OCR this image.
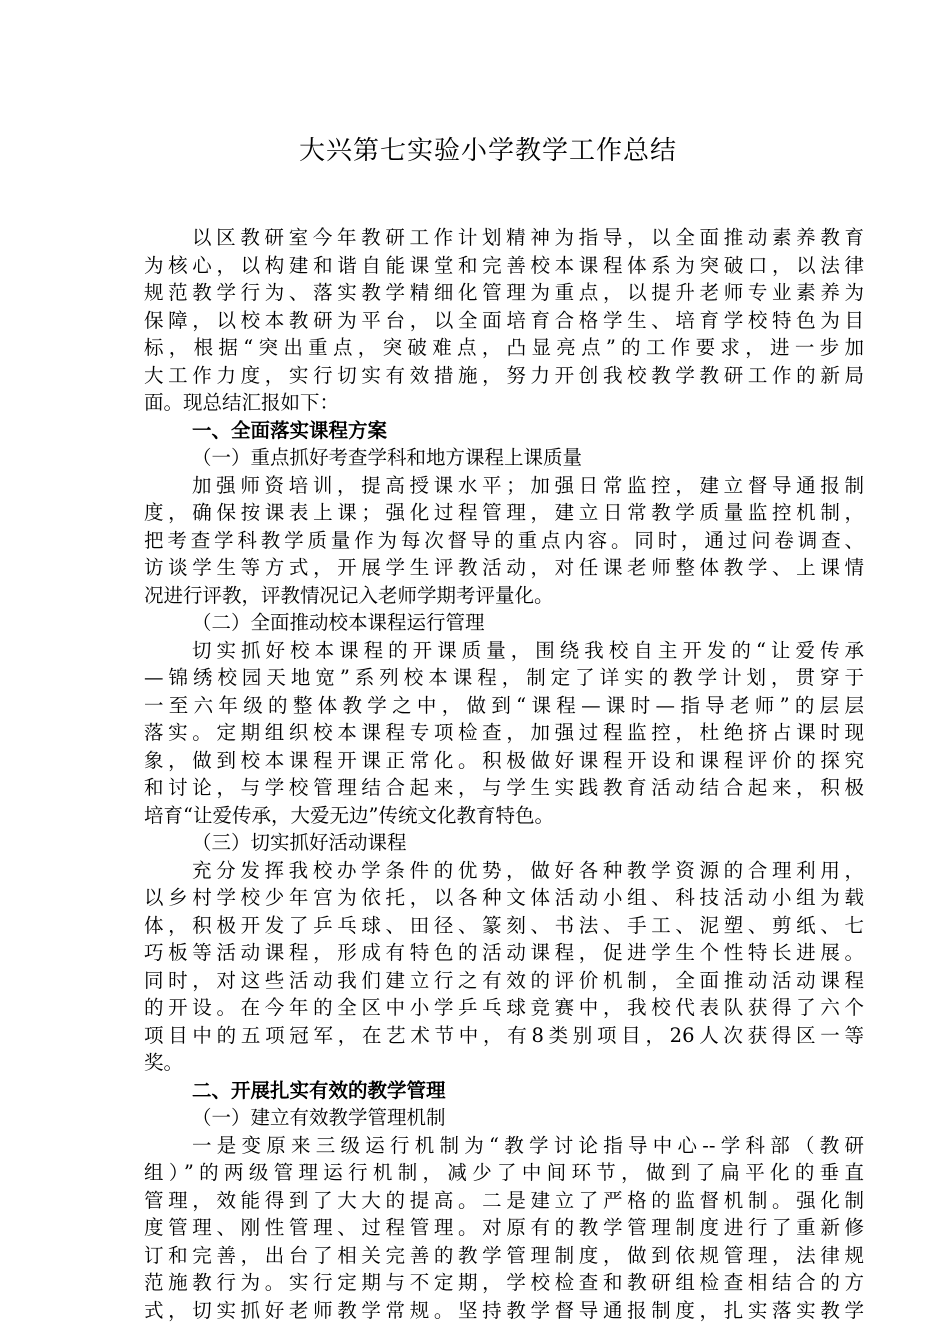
大兴第七实验小学教学工作总结
以区教研室今年教研工作计划精神为指导，以全面推动素养教育
为核心，以构建和谐自能课堂和完善校本课程体系为突破口，以法律
规范教学行为、落实教学精细化管理为重点，以提升老师专业素养为
保障，以校本教研为平台，以全面培育合格学生、培育学校特色为目
标，根据“突出重点，突破难点，凸显亮点”的工作要求，进一步加
大工作力度，实行切实有效措施，努力开创我校教学教研工作的新局
面。现总结汇报如下：
一、全面落实课程方案
（一）重点抓好考查学科和地方课程上课质量
加强师资培训，提高授课水平；加强日常监控，建立督导通报制
度，确保按课表上课；强化过程管理，建立日常教学质量监控机制，
把考查学科教学质量作为每次督导的重点内容。同时，通过问卷调查、
访谈学生等方式，开展学生评教活动，对任课老师整体教学、上课情
况进行评教，评教情况记入老师学期考评量化。
（二）全面推动校本课程运行管理
切实抓好校本课程的开课质量，围绕我校自主开发的“让爱传承
—锦绣校园天地宽”系列校本课程，制定了详实的教学计划，贯穿于
一至六年级的整体教学之中，做到“课程—课时—指导老师”的层层
落实。定期组织校本课程专项检查，加强过程监控，杜绝挤占课时现
象，做到校本课程开课正常化。积极做好课程开设和课程评价的探究
和讨论，与学校管理结合起来，与学生实践教育活动结合起来，积极
培育“让爱传承，大爱无边”传统文化教育特色。
（三）切实抓好活动课程
充分发挥我校办学条件的优势，做好各种教学资源的合理利用，
以乡村学校少年宫为依托，以各种文体活动小组、科技活动小组为载
体，积极开发了乒乓球、田径、篆刻、书法、手工、泥塑、剪纸、七
巧板等活动课程，形成有特色的活动课程，促进学生个性特长进展。
同时，对这些活动我们建立行之有效的评价机制，全面推动活动课程
的开设。在今年的全区中小学乒乓球竞赛中，我校代表队获得了六个
项目中的五项冠军，在艺术节中，有8类别项目，26人次获得区一等
奖。
二、开展扎实有效的教学管理
（一）建立有效教学管理机制
一是变原来三级运行机制为“教学讨论指导中心--学科部（教研
组）”的两级管理运行机制，减少了中间环节，做到了扁平化的垂直
管理，效能得到了大大的提高。二是建立了严格的监督机制。强化制
度管理、刚性管理、过程管理。对原有的教学管理制度进行了重新修
订和完善，出台了相关完善的教学管理制度，做到依规管理，法律规
范施教行为。实行定期与不定期，学校检查和教研组检查相结合的方
式，切实抓好老师教学常规。坚持教学督导通报制度，扎实落实教学
